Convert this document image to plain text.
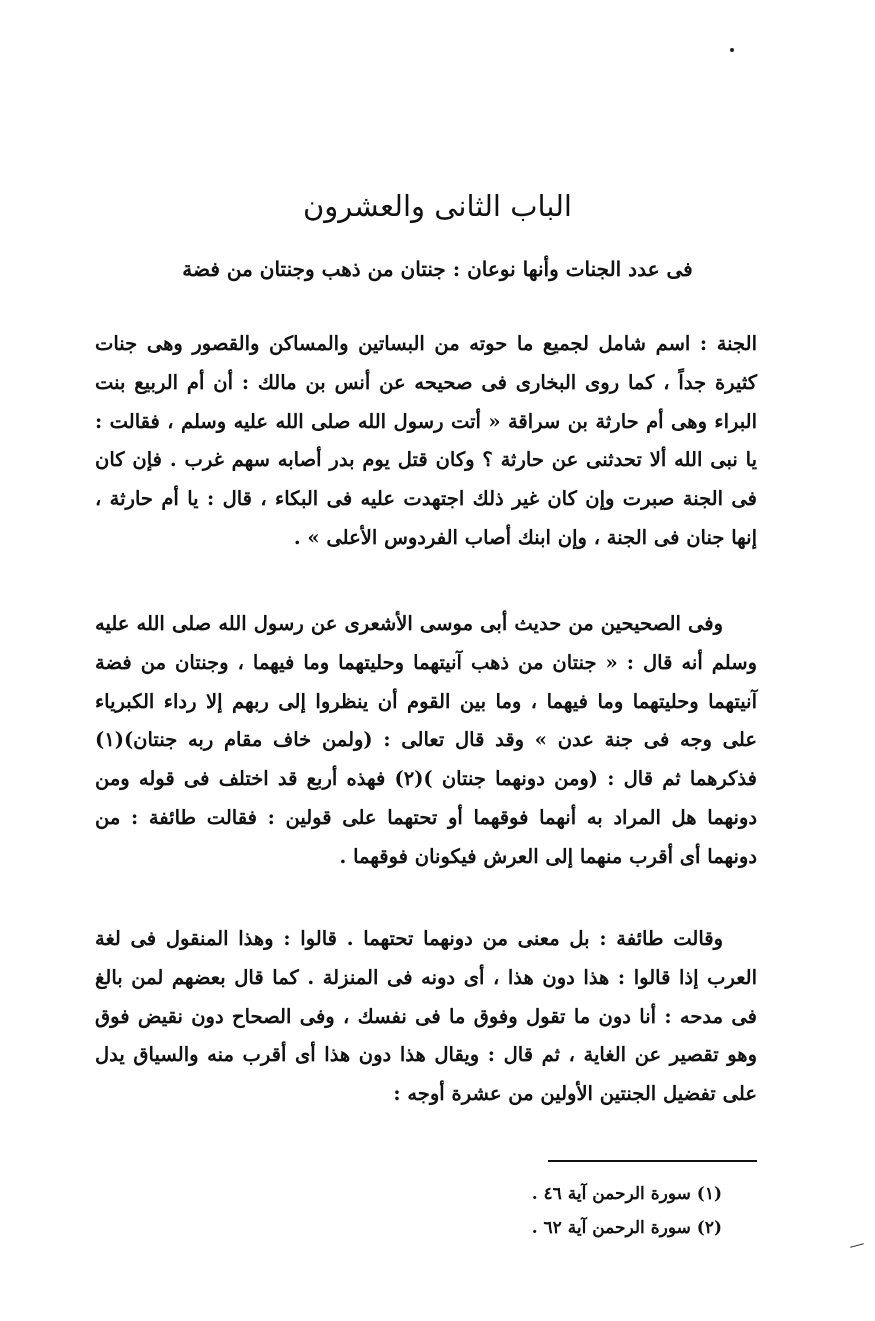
الباب الثانى والعشرون
فى عدد الجنات وأنها نوعان : جنتان من ذهب وجنتان من فضة
الجنة : اسم شامل لجميع ما حوته من البساتين والمساكن والقصور وهى جنات كثيرة جداً ، كما روى البخارى فى صحيحه عن أنس بن مالك : أن أم الربيع بنت البراء وهى أم حارثة بن سراقة « أتت رسول الله صلى الله عليه وسلم ، فقالت : يا نبى الله ألا تحدثنى عن حارثة ؟ وكان قتل يوم بدر أصابه سهم غرب . فإن كان فى الجنة صبرت وإن كان غير ذلك اجتهدت عليه فى البكاء ، قال : يا أم حارثة ، إنها جنان فى الجنة ، وإن ابنك أصاب الفردوس الأعلى » .
وفى الصحيحين من حديث أبى موسى الأشعرى عن رسول الله صلى الله عليه وسلم أنه قال : « جنتان من ذهب آنيتهما وحليتهما وما فيهما ، وجنتان من فضة آنيتهما وحليتهما وما فيهما ، وما بين القوم أن ينظروا إلى ربهم إلا رداء الكبرياء على وجه فى جنة عدن » وقد قال تعالى : (ولمن خاف مقام ربه جنتان)(١) فذكرهما ثم قال : (ومن دونهما جنتان )(٢) فهذه أربع قد اختلف فى قوله ومن دونهما هل المراد به أنهما فوقهما أو تحتهما على قولين : فقالت طائفة : من دونهما أى أقرب منهما إلى العرش فيكونان فوقهما .
وقالت طائفة : بل معنى من دونهما تحتهما . قالوا : وهذا المنقول فى لغة العرب إذا قالوا : هذا دون هذا ، أى دونه فى المنزلة . كما قال بعضهم لمن بالغ فى مدحه : أنا دون ما تقول وفوق ما فى نفسك ، وفى الصحاح دون نقيض فوق وهو تقصير عن الغاية ، ثم قال : ويقال هذا دون هذا أى أقرب منه والسياق يدل على تفضيل الجنتين الأولين من عشرة أوجه :
(١) سورة الرحمن آية ٤٦ .
(٢) سورة الرحمن آية ٦٢ .
